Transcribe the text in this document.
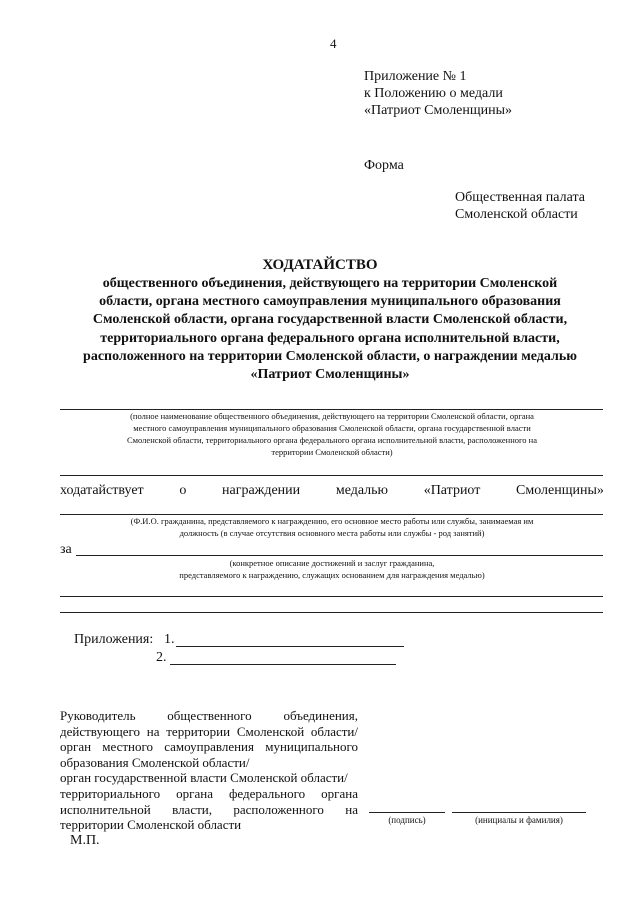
4
Приложение № 1
к Положению о медали
«Патриот Смоленщины»
Форма
Общественная палата
Смоленской области
ХОДАТАЙСТВО
общественного объединения, действующего на территории Смоленской
области, органа местного самоуправления муниципального образования
Смоленской области, органа государственной власти Смоленской области,
территориального органа федерального органа исполнительной власти,
расположенного на территории Смоленской области, о награждении медалью
«Патриот Смоленщины»
(полное наименование общественного объединения, действующего на территории Смоленской области, органа
местного самоуправления муниципального образования Смоленской области, органа государственной власти
Смоленской области, территориального органа федерального органа исполнительной власти, расположенного на
территории Смоленской области)
ходатайствует	о	награждении	медалью	«Патриот	Смоленщины»
(Ф.И.О. гражданина, представляемого к награждению, его основное место работы или службы, занимаемая им
должность (в случае отсутствия основного места работы или службы - род занятий)
за
(конкретное описание достижений и заслуг гражданина,
представляемого к награждению, служащих основанием для награждения медалью)
Приложения: 1.
2.
Руководитель общественного объединения,
действующего на территории Смоленской области/
орган местного самоуправления муниципального
образования Смоленской области/
орган государственной власти Смоленской области/
территориального органа федерального органа
исполнительной власти, расположенного на
территории Смоленской области	(подпись)	(инициалы и фамилия)
М.П.
